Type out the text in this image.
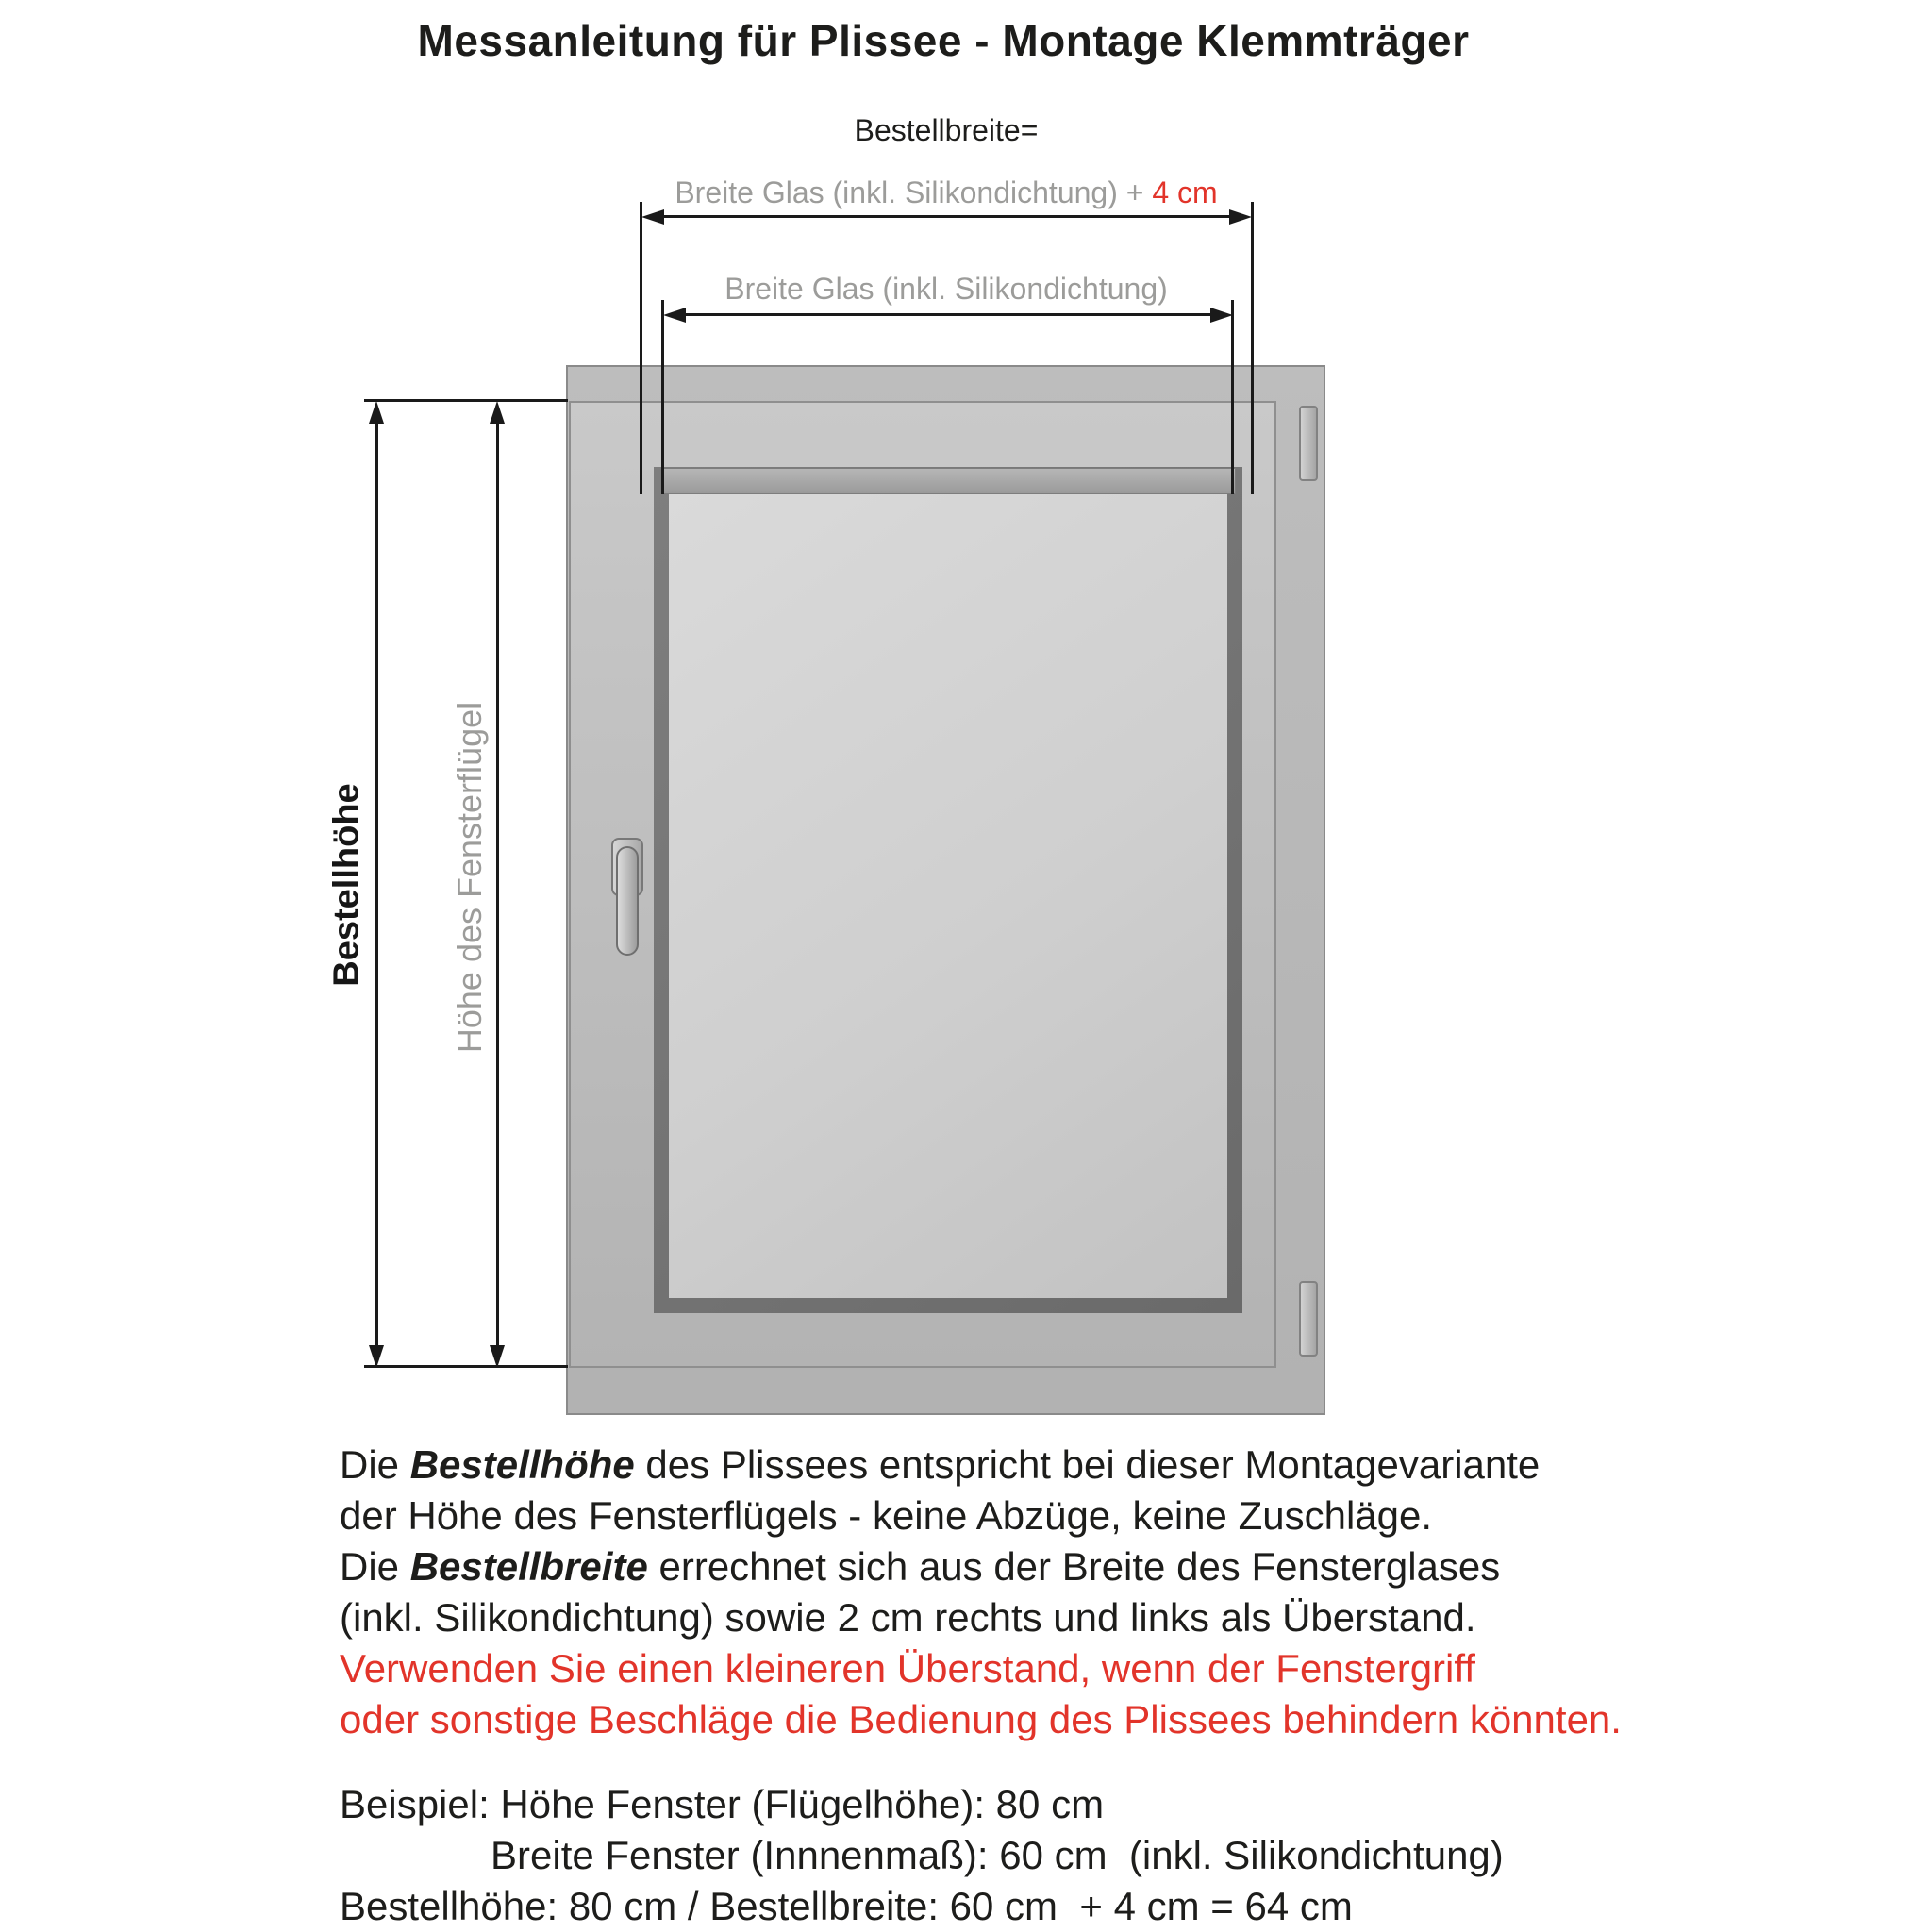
Messanleitung für Plissee - Montage Klemmträger
Bestellbreite=
Breite Glas (inkl. Silikondichtung) + 4 cm
Breite Glas (inkl. Silikondichtung)
Bestellhöhe Höhe des Fensterflügel
Die Bestellhöhe des Plissees entspricht bei dieser Montagevariante
der Höhe des Fensterflügels - keine Abzüge, keine Zuschläge.
Die Bestellbreite errechnet sich aus der Breite des Fensterglases
(inkl. Silikondichtung) sowie 2 cm rechts und links als Überstand.
Verwenden Sie einen kleineren Überstand, wenn der Fenstergriff
oder sonstige Beschläge die Bedienung des Plissees behindern könnten.
Beispiel: Höhe Fenster (Flügelhöhe): 80 cm
Breite Fenster (Innnenmaß): 60 cm  (inkl. Silikondichtung)
Bestellhöhe: 80 cm / Bestellbreite: 60 cm  + 4 cm = 64 cm
